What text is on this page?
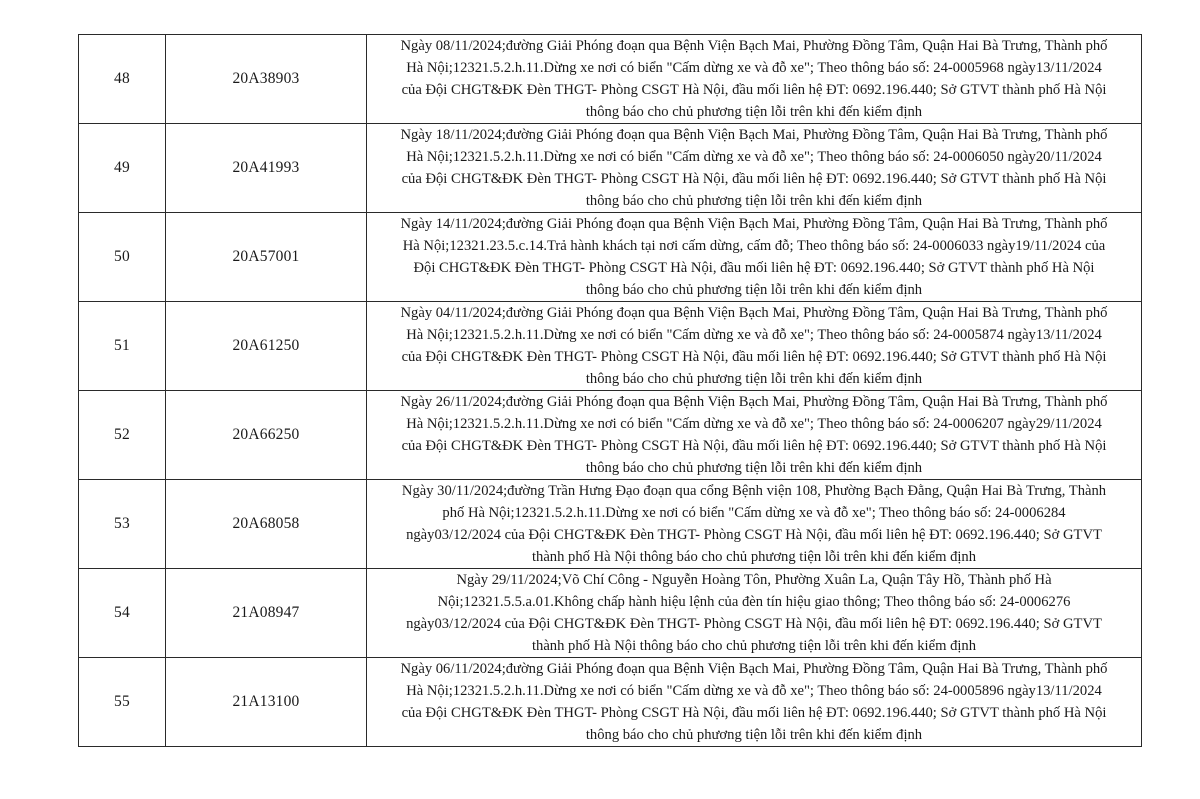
48	20A38903	Ngày 08/11/2024;đường Giải Phóng đoạn qua Bệnh Viện Bạch Mai, Phường Đồng Tâm, Quận Hai Bà Trưng, Thành phố
Hà Nội;12321.5.2.h.11.Dừng xe nơi có biển "Cấm dừng xe và đỗ xe"; Theo thông báo số: 24-0005968 ngày13/11/2024
của Đội CHGT&ĐK Đèn THGT- Phòng CSGT Hà Nội, đầu mối liên hệ ĐT: 0692.196.440; Sở GTVT thành phố Hà Nội
thông báo cho chủ phương tiện lỗi trên khi đến kiểm định

49	20A41993	Ngày 18/11/2024;đường Giải Phóng đoạn qua Bệnh Viện Bạch Mai, Phường Đồng Tâm, Quận Hai Bà Trưng, Thành phố
Hà Nội;12321.5.2.h.11.Dừng xe nơi có biển "Cấm dừng xe và đỗ xe"; Theo thông báo số: 24-0006050 ngày20/11/2024
của Đội CHGT&ĐK Đèn THGT- Phòng CSGT Hà Nội, đầu mối liên hệ ĐT: 0692.196.440; Sở GTVT thành phố Hà Nội
thông báo cho chủ phương tiện lỗi trên khi đến kiểm định

50	20A57001	Ngày 14/11/2024;đường Giải Phóng đoạn qua Bệnh Viện Bạch Mai, Phường Đồng Tâm, Quận Hai Bà Trưng, Thành phố
Hà Nội;12321.23.5.c.14.Trả hành khách tại nơi cấm dừng, cấm đỗ; Theo thông báo số: 24-0006033 ngày19/11/2024 của
Đội CHGT&ĐK Đèn THGT- Phòng CSGT Hà Nội, đầu mối liên hệ ĐT: 0692.196.440; Sở GTVT thành phố Hà Nội
thông báo cho chủ phương tiện lỗi trên khi đến kiểm định

51	20A61250	Ngày 04/11/2024;đường Giải Phóng đoạn qua Bệnh Viện Bạch Mai, Phường Đồng Tâm, Quận Hai Bà Trưng, Thành phố
Hà Nội;12321.5.2.h.11.Dừng xe nơi có biển "Cấm dừng xe và đỗ xe"; Theo thông báo số: 24-0005874 ngày13/11/2024
của Đội CHGT&ĐK Đèn THGT- Phòng CSGT Hà Nội, đầu mối liên hệ ĐT: 0692.196.440; Sở GTVT thành phố Hà Nội
thông báo cho chủ phương tiện lỗi trên khi đến kiểm định

52	20A66250	Ngày 26/11/2024;đường Giải Phóng đoạn qua Bệnh Viện Bạch Mai, Phường Đồng Tâm, Quận Hai Bà Trưng, Thành phố
Hà Nội;12321.5.2.h.11.Dừng xe nơi có biển "Cấm dừng xe và đỗ xe"; Theo thông báo số: 24-0006207 ngày29/11/2024
của Đội CHGT&ĐK Đèn THGT- Phòng CSGT Hà Nội, đầu mối liên hệ ĐT: 0692.196.440; Sở GTVT thành phố Hà Nội
thông báo cho chủ phương tiện lỗi trên khi đến kiểm định

53	20A68058	Ngày 30/11/2024;đường Trần Hưng Đạo đoạn qua cổng Bệnh viện 108, Phường Bạch Đằng, Quận Hai Bà Trưng, Thành
phố Hà Nội;12321.5.2.h.11.Dừng xe nơi có biển "Cấm dừng xe và đỗ xe"; Theo thông báo số: 24-0006284
ngày03/12/2024 của Đội CHGT&ĐK Đèn THGT- Phòng CSGT Hà Nội, đầu mối liên hệ ĐT: 0692.196.440; Sở GTVT
thành phố Hà Nội thông báo cho chủ phương tiện lỗi trên khi đến kiểm định

54	21A08947	Ngày 29/11/2024;Võ Chí Công - Nguyễn Hoàng Tôn, Phường Xuân La, Quận Tây Hồ, Thành phố Hà
Nội;12321.5.5.a.01.Không chấp hành hiệu lệnh của đèn tín hiệu giao thông; Theo thông báo số: 24-0006276
ngày03/12/2024 của Đội CHGT&ĐK Đèn THGT- Phòng CSGT Hà Nội, đầu mối liên hệ ĐT: 0692.196.440; Sở GTVT
thành phố Hà Nội thông báo cho chủ phương tiện lỗi trên khi đến kiểm định

55	21A13100	Ngày 06/11/2024;đường Giải Phóng đoạn qua Bệnh Viện Bạch Mai, Phường Đồng Tâm, Quận Hai Bà Trưng, Thành phố
Hà Nội;12321.5.2.h.11.Dừng xe nơi có biển "Cấm dừng xe và đỗ xe"; Theo thông báo số: 24-0005896 ngày13/11/2024
của Đội CHGT&ĐK Đèn THGT- Phòng CSGT Hà Nội, đầu mối liên hệ ĐT: 0692.196.440; Sở GTVT thành phố Hà Nội
thông báo cho chủ phương tiện lỗi trên khi đến kiểm định
